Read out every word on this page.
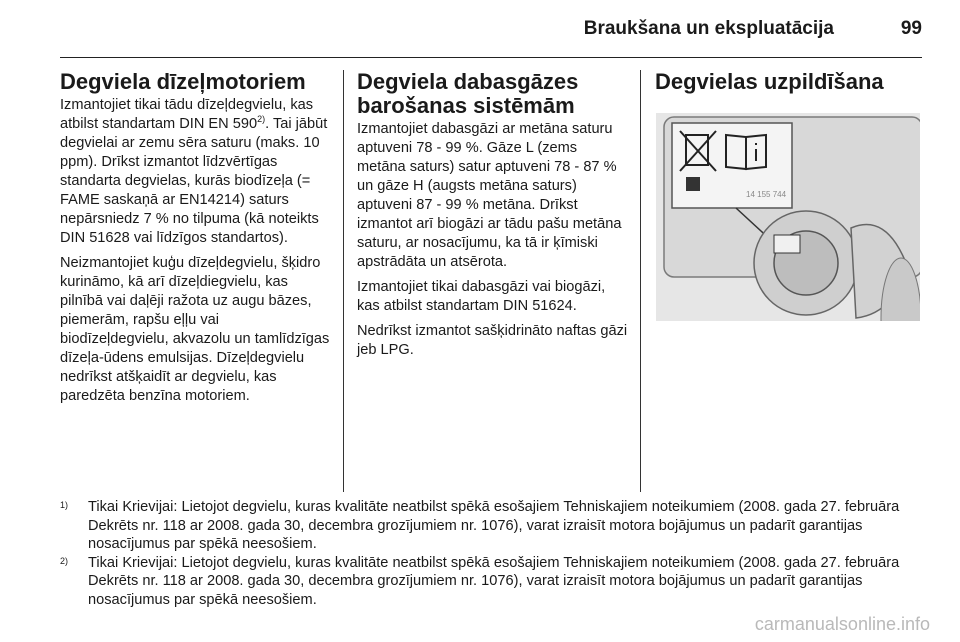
Braukšana un ekspluatācija	99
Degviela dīzeļmotoriem

Izmantojiet tikai tādu dīzeļdegvielu, kas atbilst standartam DIN EN 590$^{2)}$. Tai jābūt degvielai ar zemu sēra saturu (maks. 10 ppm). Drīkst izmantot līdzvērtīgas standarta degvielas, kurās biodīzeļa (= FAME saskaņā ar EN14214) saturs nepārsniedz 7 % no tilpuma (kā noteikts DIN 51628 vai līdzīgos standartos).

Neizmantojiet kuģu dīzeļdegvielu, šķidro kurināmo, kā arī dīzeļdiegvielu, kas pilnībā vai daļēji ražota uz augu bāzes, piemerām, rapšu eļļu vai biodīzeļdegvielu, akvazolu un tamlīdzīgas dīzeļa-ūdens emulsijas. Dīzeļdegvielu nedrīkst atšķaidīt ar degvielu, kas paredzēta benzīna motoriem.

Degviela dabasgāzes barošanas sistēmām

Izmantojiet dabasgāzi ar metāna saturu aptuveni 78 - 99 %. Gāze L (zems metāna saturs) satur aptuveni 78 - 87 % un gāze H (augsts metāna saturs) aptuveni 87 - 99 % metāna. Drīkst izmantot arī biogāzi ar tādu pašu metāna saturu, ar nosacījumu, ka tā ir ķīmiski apstrādāta un atsērota.

Izmantojiet tikai dabasgāzi vai biogāzi, kas atbilst standartam DIN 51624.

Nedrīkst izmantot sašķidrināto naftas gāzi jeb LPG.

Degvielas uzpildīšana
14 155 744
1) Tikai Krievijai: Lietojot degvielu, kuras kvalitāte neatbilst spēkā esošajiem Tehniskajiem noteikumiem (2008. gada 27. februāra Dekrēts nr. 118 ar 2008. gada 30, decembra grozījumiem nr. 1076), varat izraisīt motora bojājumus un padarīt garantijas nosacījumus par spēkā neesošiem.
2) Tikai Krievijai: Lietojot degvielu, kuras kvalitāte neatbilst spēkā esošajiem Tehniskajiem noteikumiem (2008. gada 27. februāra Dekrēts nr. 118 ar 2008. gada 30, decembra grozījumiem nr. 1076), varat izraisīt motora bojājumus un padarīt garantijas nosacījumus par spēkā neesošiem.
carmanualsonline.info
